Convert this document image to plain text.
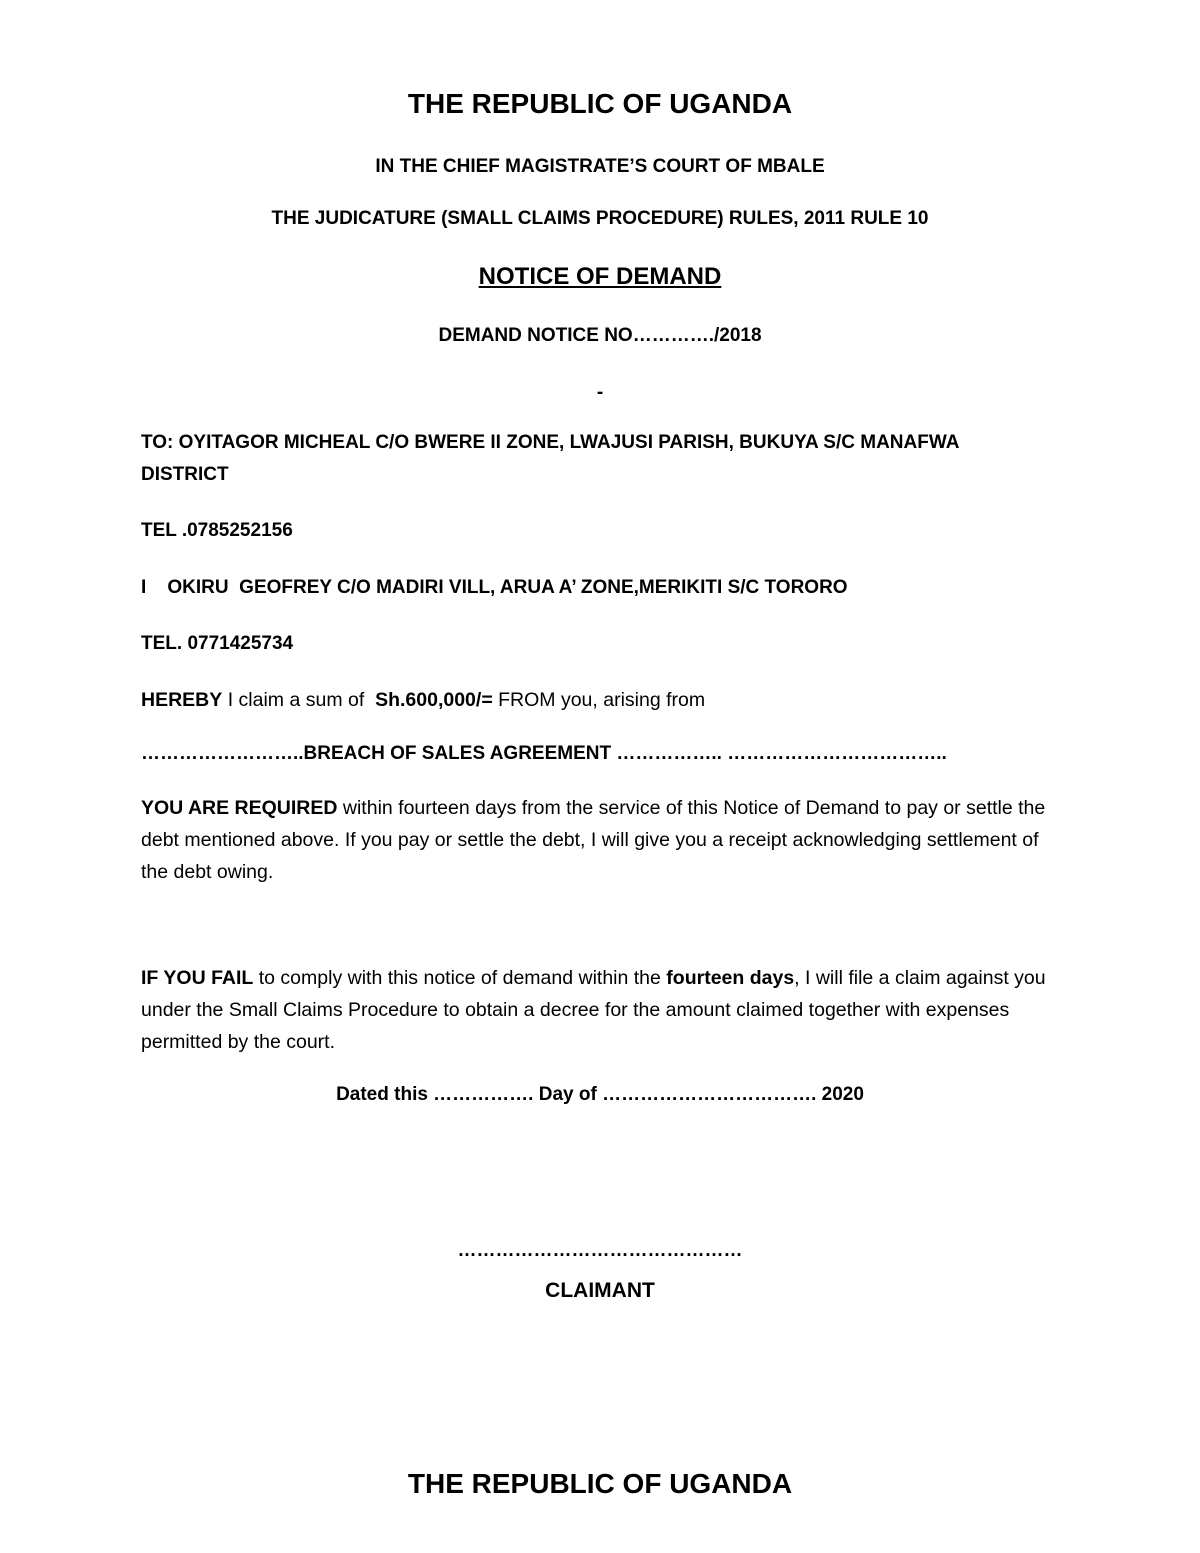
THE REPUBLIC OF UGANDA
IN THE CHIEF MAGISTRATE’S COURT OF MBALE
THE JUDICATURE (SMALL CLAIMS PROCEDURE) RULES, 2011 RULE 10
NOTICE OF DEMAND
DEMAND NOTICE NO…………./2018
-
TO: OYITAGOR MICHEAL C/O BWERE II ZONE, LWAJUSI PARISH, BUKUYA S/C MANAFWA
DISTRICT
TEL .0785252156
I    OKIRU  GEOFREY C/O MADIRI VILL, ARUA A’ ZONE,MERIKITI S/C TORORO
TEL. 0771425734
HEREBY I claim a sum of  Sh.600,000/= FROM you, arising from
……………………..BREACH OF SALES AGREEMENT …………….. ……………………………..
YOU ARE REQUIRED within fourteen days from the service of this Notice of Demand to pay or settle the debt mentioned above. If you pay or settle the debt, I will give you a receipt acknowledging settlement of the debt owing.
IF YOU FAIL to comply with this notice of demand within the fourteen days, I will file a claim against you under the Small Claims Procedure to obtain a decree for the amount claimed together with expenses permitted by the court.
Dated this ……………. Day of ……………………………. 2020
………………………………………
CLAIMANT
THE REPUBLIC OF UGANDA
